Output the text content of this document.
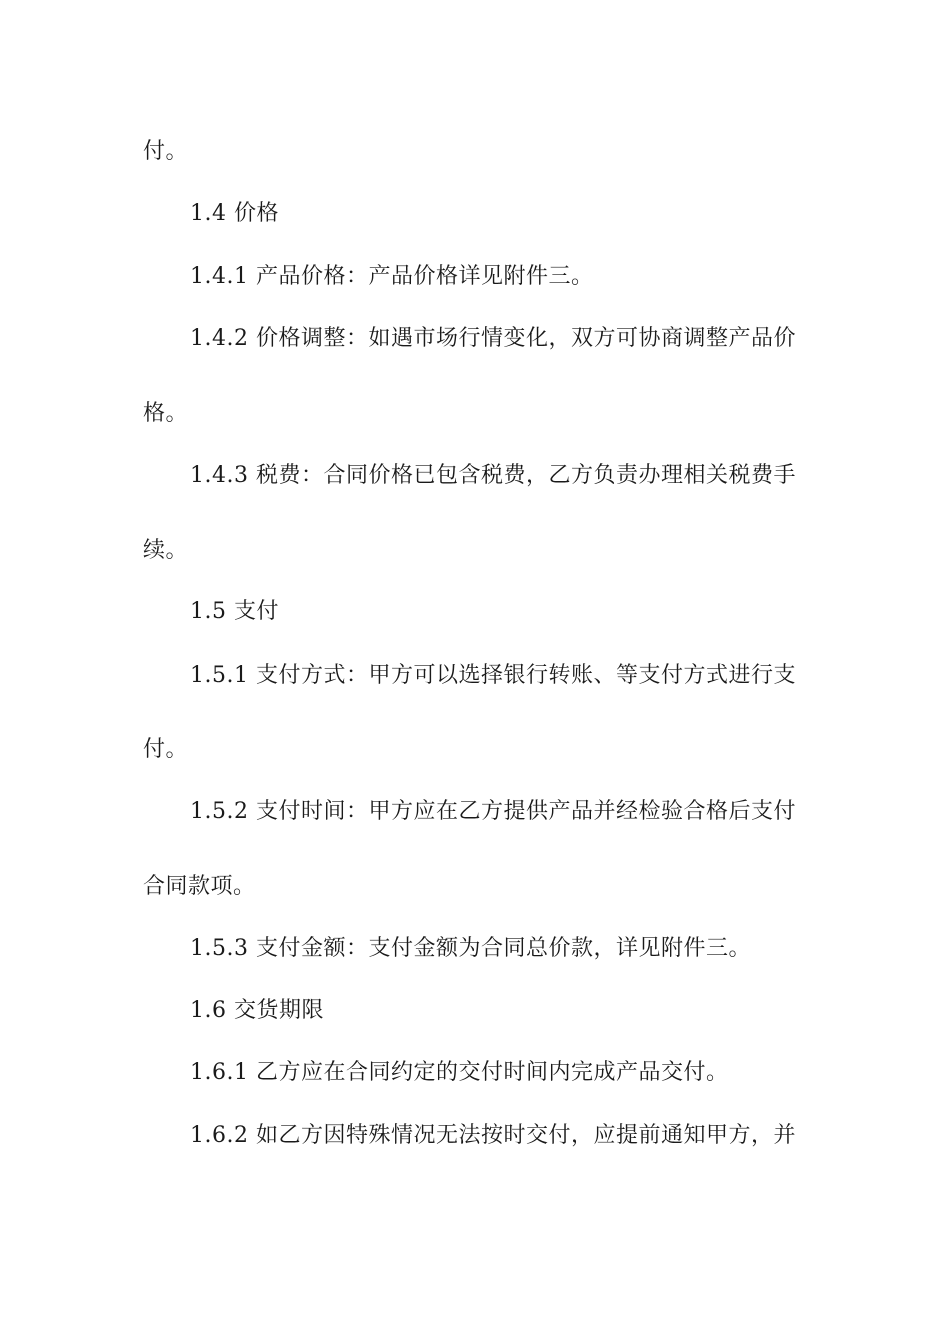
付。
1.4 价格
1.4.1 产品价格：产品价格详见附件三。
1.4.2 价格调整：如遇市场行情变化，双方可协商调整产品价
格。
1.4.3 税费：合同价格已包含税费，乙方负责办理相关税费手
续。
1.5 支付
1.5.1 支付方式：甲方可以选择银行转账、等支付方式进行支
付。
1.5.2 支付时间：甲方应在乙方提供产品并经检验合格后支付
合同款项。
1.5.3 支付金额：支付金额为合同总价款，详见附件三。
1.6 交货期限
1.6.1 乙方应在合同约定的交付时间内完成产品交付。
1.6.2 如乙方因特殊情况无法按时交付，应提前通知甲方，并
